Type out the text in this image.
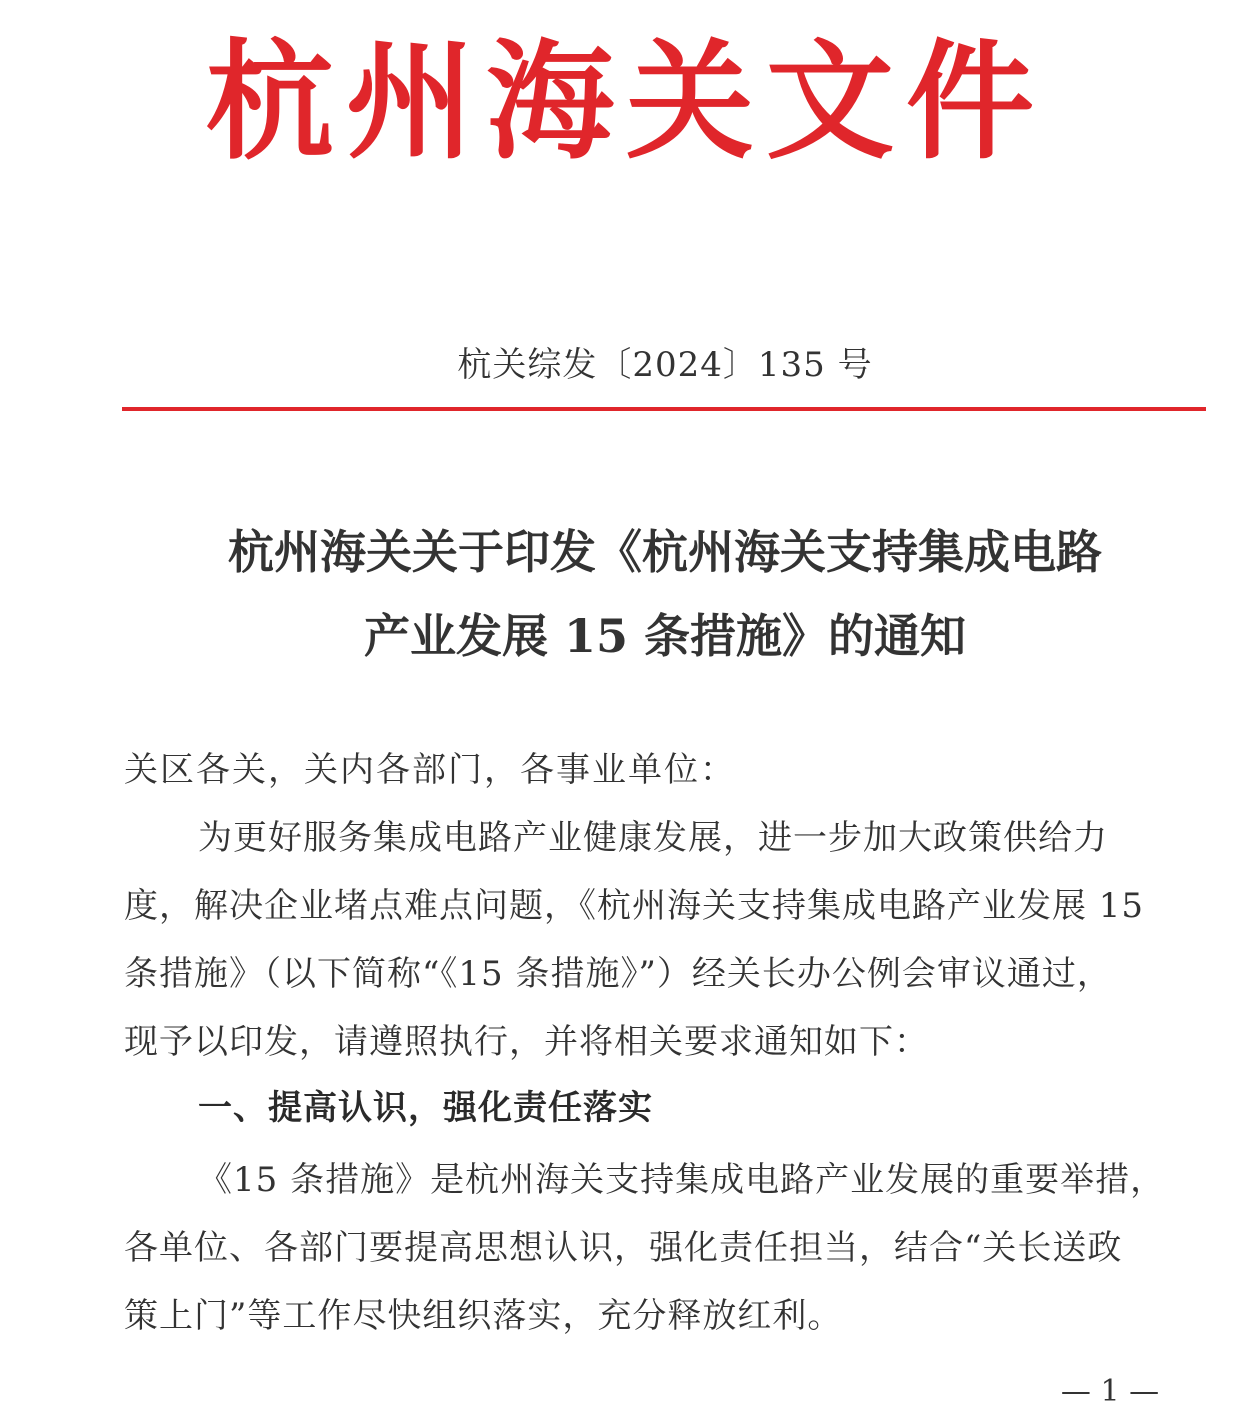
杭州海关文件
杭关综发〔2024〕135 号
杭州海关关于印发《杭州海关支持集成电路
产业发展 15 条措施》的通知
关区各关，关内各部门，各事业单位：
为更好服务集成电路产业健康发展，进一步加大政策供给力
度，解决企业堵点难点问题，《杭州海关支持集成电路产业发展 15
条措施》（以下简称“《15 条措施》”）经关长办公例会审议通过，
现予以印发，请遵照执行，并将相关要求通知如下：
一、提高认识，强化责任落实
《15 条措施》是杭州海关支持集成电路产业发展的重要举措，
各单位、各部门要提高思想认识，强化责任担当，结合“关长送政
策上门”等工作尽快组织落实，充分释放红利。
— 1 —
